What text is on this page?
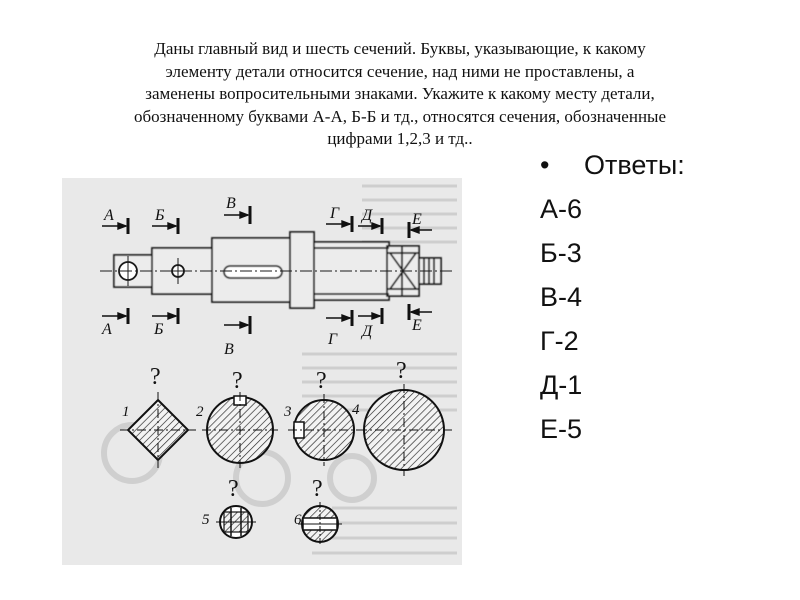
Даны главный вид и шесть сечений. Буквы, указывающие, к какому
элементу детали относится сечение, над ними не проставлены, а
заменены вопросительными знаками. Укажите к какому месту детали,
обозначенному буквами А-А, Б-Б и тд., относятся сечения, обозначенные
цифрами 1,2,3 и тд..
А
А
Б
Б
В
В
Г
Г
Д
Д
Е
Е
1	2	3	4
5	6
?	?	?	?
?	?
• Ответы:
А-6
Б-3
В-4
Г-2
Д-1
Е-5
